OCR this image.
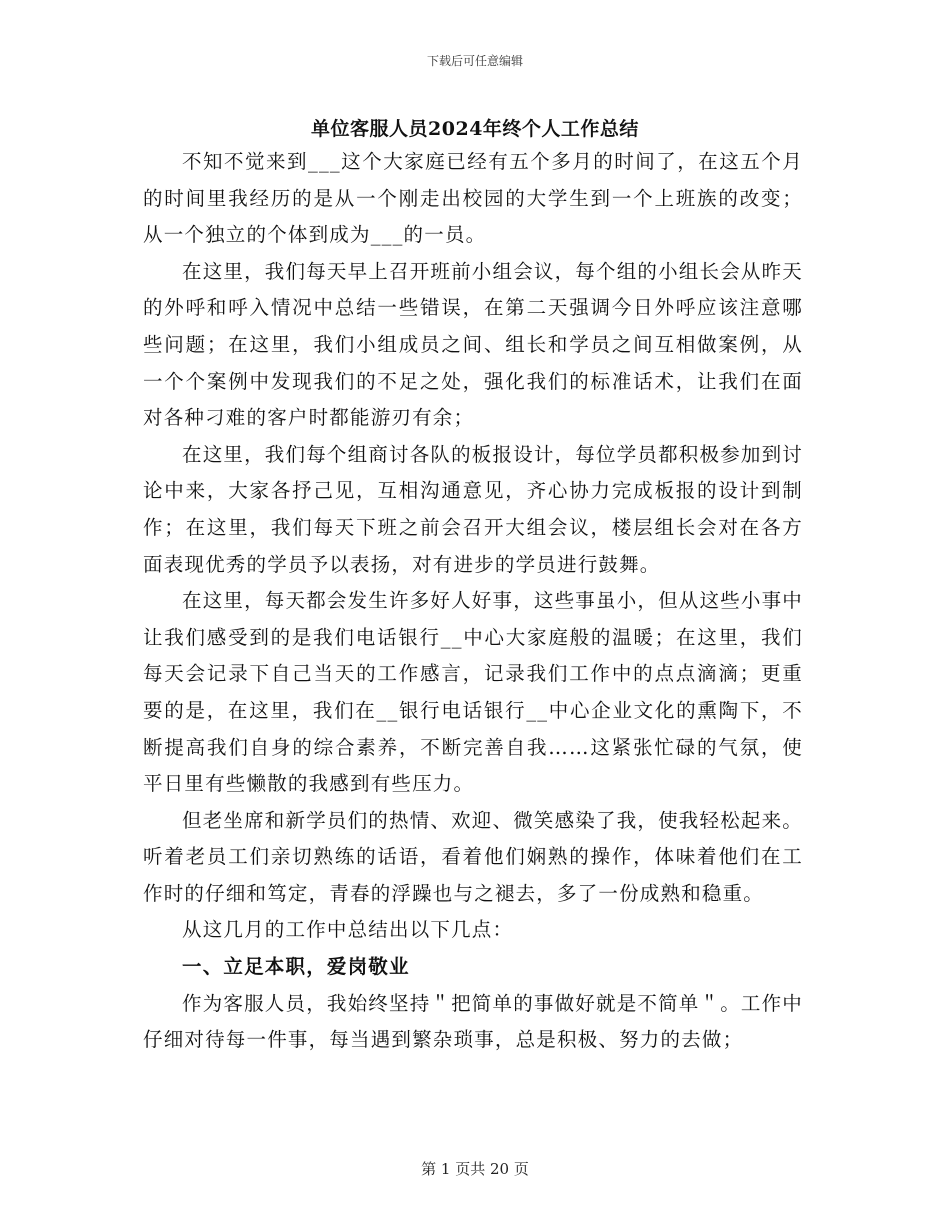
下载后可任意编辑
单位客服人员2024年终个人工作总结

不知不觉来到___这个大家庭已经有五个多月的时间了，在这五个月的时间里我经历的是从一个刚走出校园的大学生到一个上班族的改变；从一个独立的个体到成为___的一员。

在这里，我们每天早上召开班前小组会议，每个组的小组长会从昨天的外呼和呼入情况中总结一些错误，在第二天强调今日外呼应该注意哪些问题；在这里，我们小组成员之间、组长和学员之间互相做案例，从一个个案例中发现我们的不足之处，强化我们的标准话术，让我们在面对各种刁难的客户时都能游刃有余；

在这里，我们每个组商讨各队的板报设计，每位学员都积极参加到讨论中来，大家各抒己见，互相沟通意见，齐心协力完成板报的设计到制作；在这里，我们每天下班之前会召开大组会议，楼层组长会对在各方面表现优秀的学员予以表扬，对有进步的学员进行鼓舞。

在这里，每天都会发生许多好人好事，这些事虽小，但从这些小事中让我们感受到的是我们电话银行__中心大家庭般的温暖；在这里，我们每天会记录下自己当天的工作感言，记录我们工作中的点点滴滴；更重要的是，在这里，我们在__银行电话银行__中心企业文化的熏陶下，不断提高我们自身的综合素养，不断完善自我……这紧张忙碌的气氛，使平日里有些懒散的我感到有些压力。

但老坐席和新学员们的热情、欢迎、微笑感染了我，使我轻松起来。听着老员工们亲切熟练的话语，看着他们娴熟的操作，体味着他们在工作时的仔细和笃定，青春的浮躁也与之褪去，多了一份成熟和稳重。

从这几月的工作中总结出以下几点：

一、立足本职，爱岗敬业

作为客服人员，我始终坚持＂把简单的事做好就是不简单＂。工作中仔细对待每一件事，每当遇到繁杂琐事，总是积极、努力的去做；

第 1 页共 20 页
